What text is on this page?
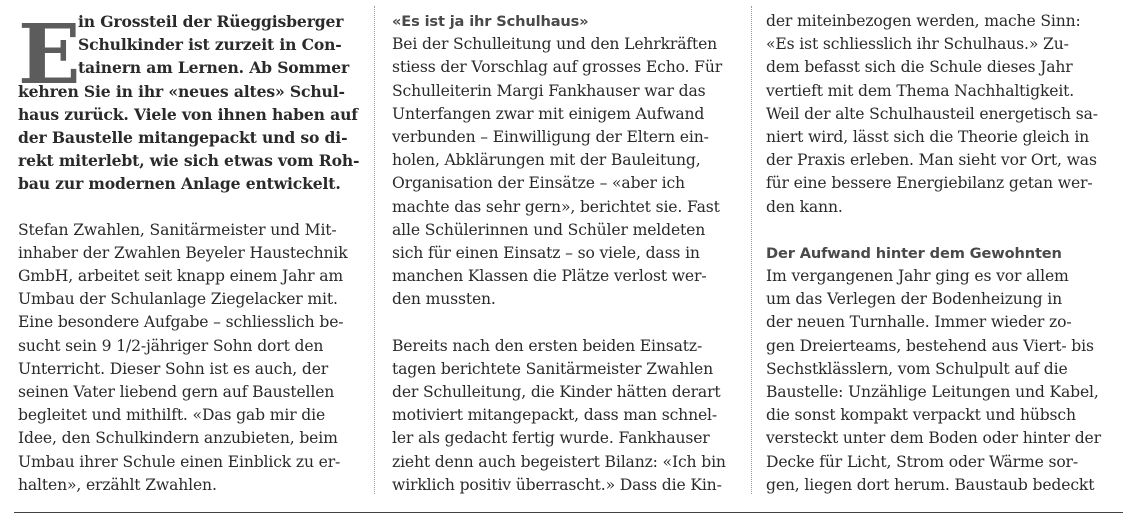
E
in Grossteil der Rüeggisberger
Schulkinder ist zurzeit in Con-
tainern am Lernen. Ab Sommer
kehren Sie in ihr «neues altes» Schul-
haus zurück. Viele von ihnen haben auf
der Baustelle mitangepackt und so di-
rekt miterlebt, wie sich etwas vom Roh-
bau zur modernen Anlage entwickelt.
Stefan Zwahlen, Sanitärmeister und Mit-
inhaber der Zwahlen Beyeler Haustechnik
GmbH, arbeitet seit knapp einem Jahr am
Umbau der Schulanlage Ziegelacker mit.
Eine besondere Aufgabe – schliesslich be-
sucht sein 9 1/2-jähriger Sohn dort den
Unterricht. Dieser Sohn ist es auch, der
seinen Vater liebend gern auf Baustellen
begleitet und mithilft. «Das gab mir die
Idee, den Schulkindern anzubieten, beim
Umbau ihrer Schule einen Einblick zu er-
halten», erzählt Zwahlen.
«Es ist ja ihr Schulhaus»
Bei der Schulleitung und den Lehrkräften
stiess der Vorschlag auf grosses Echo. Für
Schulleiterin Margi Fankhauser war das
Unterfangen zwar mit einigem Aufwand
verbunden – Einwilligung der Eltern ein-
holen, Abklärungen mit der Bauleitung,
Organisation der Einsätze – «aber ich
machte das sehr gern», berichtet sie. Fast
alle Schülerinnen und Schüler meldeten
sich für einen Einsatz – so viele, dass in
manchen Klassen die Plätze verlost wer-
den mussten.
Bereits nach den ersten beiden Einsatz-
tagen berichtete Sanitärmeister Zwahlen
der Schulleitung, die Kinder hätten derart
motiviert mitangepackt, dass man schnel-
ler als gedacht fertig wurde. Fankhauser
zieht denn auch begeistert Bilanz: «Ich bin
wirklich positiv überrascht.» Dass die Kin-
der miteinbezogen werden, mache Sinn:
«Es ist schliesslich ihr Schulhaus.» Zu-
dem befasst sich die Schule dieses Jahr
vertieft mit dem Thema Nachhaltigkeit.
Weil der alte Schulhausteil energetisch sa-
niert wird, lässt sich die Theorie gleich in
der Praxis erleben. Man sieht vor Ort, was
für eine bessere Energiebilanz getan wer-
den kann.
Der Aufwand hinter dem Gewohnten
Im vergangenen Jahr ging es vor allem
um das Verlegen der Bodenheizung in
der neuen Turnhalle. Immer wieder zo-
gen Dreierteams, bestehend aus Viert- bis
Sechstklässlern, vom Schulpult auf die
Baustelle: Unzählige Leitungen und Kabel,
die sonst kompakt verpackt und hübsch
versteckt unter dem Boden oder hinter der
Decke für Licht, Strom oder Wärme sor-
gen, liegen dort herum. Baustaub bedeckt
